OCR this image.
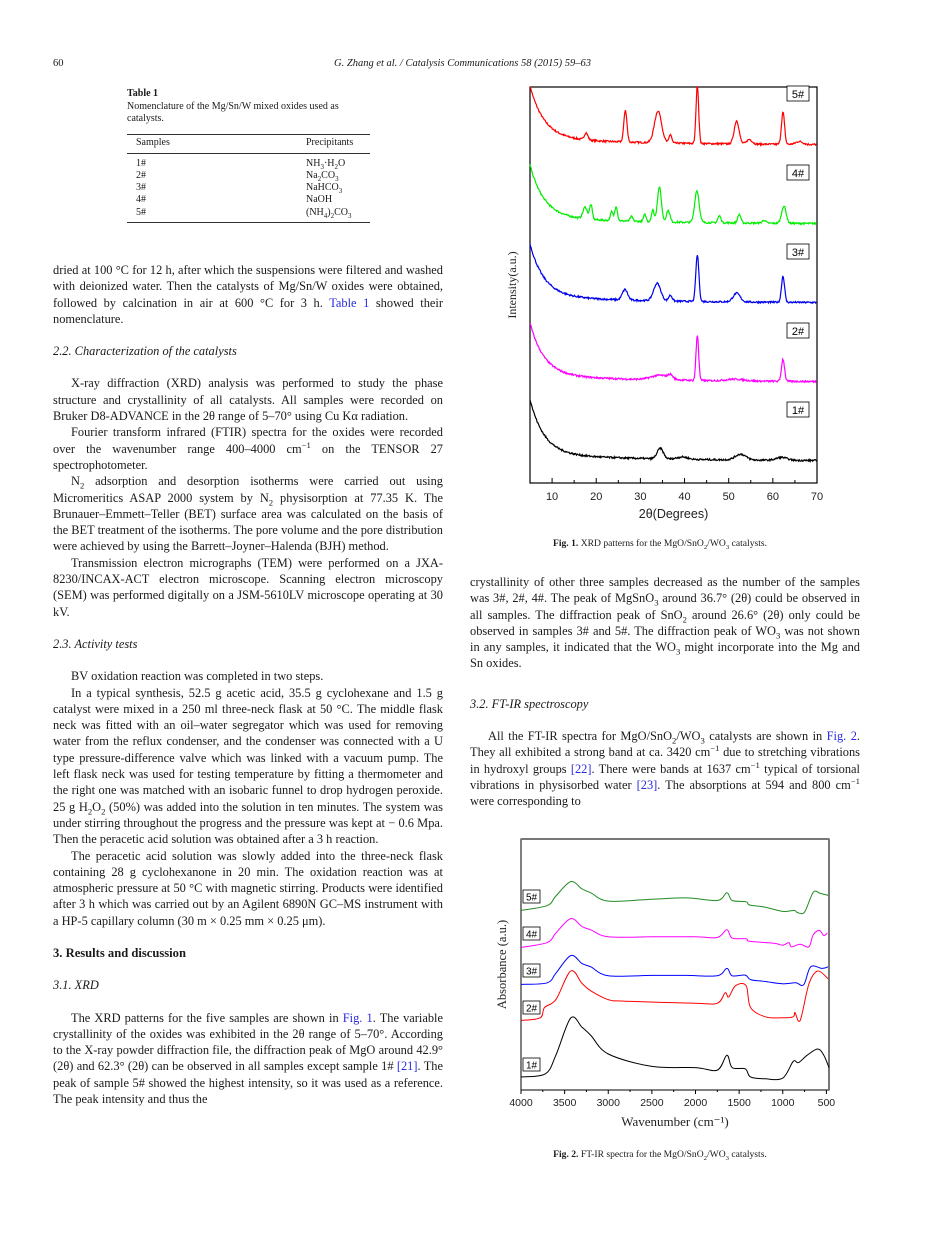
60	G. Zhang et al. / Catalysis Communications 58 (2015) 59–63
Table 1
Nomenclature of the Mg/Sn/W mixed oxides used as catalysts.
Samples	Precipitants
1#	$NH_3\cdot H_2O$
2#	$Na_2CO_3$
3#	NaHCO$_3$
4#	NaOH
5#	$(NH_4)_2CO_3$

dried at 100 °C for 12 h, after which the suspensions were filtered and washed with deionized water. Then the catalysts of Mg/Sn/W oxides were obtained, followed by calcination in air at 600 °C for 3 h. Table 1 showed their nomenclature.

2.2. Characterization of the catalysts

X-ray diffraction (XRD) analysis was performed to study the phase structure and crystallinity of all catalysts. All samples were recorded on Bruker D8-ADVANCE in the 2θ range of 5–70° using Cu Kα radiation.

Fourier transform infrared (FTIR) spectra for the oxides were recorded over the wavenumber range 400–4000 $cm^{-1}$ on the TENSOR 27 spectrophotometer.

$N_2$ adsorption and desorption isotherms were carried out using Micromeritics ASAP 2000 system by $N_2$ physisorption at 77.35 K. The Brunauer–Emmett–Teller (BET) surface area was calculated on the basis of the BET treatment of the isotherms. The pore volume and the pore distribution were achieved by using the Barrett–Joyner–Halenda (BJH) method.

Transmission electron micrographs (TEM) were performed on a JXA-8230/INCAX-ACT electron microscope. Scanning electron microscopy (SEM) was performed digitally on a JSM-5610LV microscope operating at 30 kV.

2.3. Activity tests

BV oxidation reaction was completed in two steps.

In a typical synthesis, 52.5 g acetic acid, 35.5 g cyclohexane and 1.5 g catalyst were mixed in a 250 ml three-neck flask at 50 °C. The middle flask neck was fitted with an oil–water segregator which was used for removing water from the reflux condenser, and the condenser was connected with a U type pressure-difference valve which was linked with a vacuum pump. The left flask neck was used for testing temperature by fitting a thermometer and the right one was matched with an isobaric funnel to drop hydrogen peroxide. 25 g $H_2O_2$ (50%) was added into the solution in ten minutes. The system was under stirring throughout the progress and the pressure was kept at − 0.6 Mpa. Then the peracetic acid solution was obtained after a 3 h reaction.

The peracetic acid solution was slowly added into the three-neck flask containing 28 g cyclohexanone in 20 min. The oxidation reaction was at atmospheric pressure at 50 °C with magnetic stirring. Products were identified after 3 h which was carried out by an Agilent 6890N GC–MS instrument with a HP-5 capillary column (30 m × 0.25 mm × 0.25 μm).

3. Results and discussion
3.1. XRD

The XRD patterns for the five samples are shown in Fig. 1. The variable crystallinity of the oxides was exhibited in the 2θ range of 5–70°. According to the X-ray powder diffraction file, the diffraction peak of MgO around 42.9° (2θ) and 62.3° (2θ) can be observed in all samples except sample 1# [21]. The peak of sample 5# showed the highest intensity, so it was used as a reference. The peak intensity and thus the

crystallinity of other three samples decreased as the number of the samples was 3#, 2#, 4#. The peak of MgSnO$_3$ around 36.7° (2θ) could be observed in all samples. The diffraction peak of SnO$_2$ around 26.6° (2θ) only could be observed in samples 3# and 5#. The diffraction peak of $WO_3$ was not shown in any samples, it indicated that the $WO_3$ might incorporate into the Mg and Sn oxides.

3.2. FT-IR spectroscopy

All the FT-IR spectra for MgO/$SnO_2/WO_3$ catalysts are shown in Fig. 2. They all exhibited a strong band at ca. 3420 $cm^{-1}$ due to stretching vibrations in hydroxyl groups [22]. There were bands at 1637 $cm^{-1}$ typical of torsional vibrations in physisorbed water [23]. The absorptions at 594 and 800 $cm^{-1}$ were corresponding to

10	20	30	40	50	60	70
2θ(Degrees)
Intensity(a.u.)
5#
4#
3#
2#
1#
Fig. 1. XRD patterns for the MgO/$SnO_2/WO_3$ catalysts.
4000 3500 3000 2500 2000 1500 1000 500
Wavenumber (cm⁻¹)
Absorbance (a.u.)
5#
4#
3#
2#
1#
Fig. 2. FT-IR spectra for the MgO/$SnO_2/WO_3$ catalysts.
